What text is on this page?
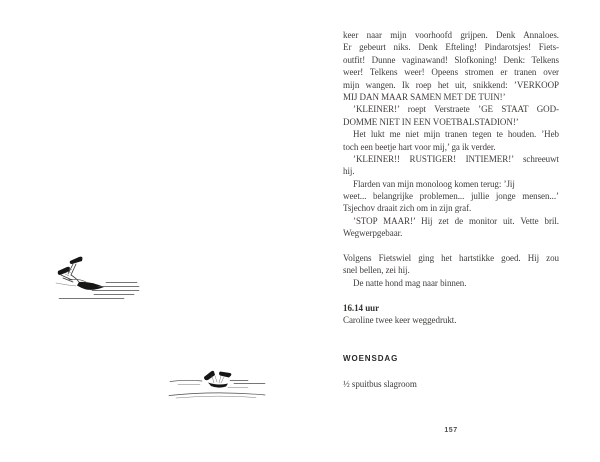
keer naar mijn voorhoofd grijpen. Denk Annaloes.
Er gebeurt niks. Denk Efteling! Pindarotsjes! Fiets-
outfit! Dunne vaginawand! Slofkoning! Denk: Telkens
weer! Telkens weer! Opeens stromen er tranen over
mijn wangen. Ik roep het uit, snikkend: ’VERKOOP
MIJ DAN MAAR SAMEN MET DE TUIN!’
’KLEINER!’ roept Verstraete ’GE STAAT GOD-
DOMME NIET IN EEN VOETBALSTADION!’
Het lukt me niet mijn tranen tegen te houden. ’Heb
toch een beetje hart voor mij,’ ga ik verder.
’KLEINER!! RUSTIGER! INTIEMER!’ schreeuwt
hij.
Flarden van mijn monoloog komen terug: ’Jij
weet... belangrijke problemen... jullie jonge mensen...’
Tsjechov draait zich om in zijn graf.
’STOP MAAR!’ Hij zet de monitor uit. Vette bril.
Wegwerpgebaar.
Volgens Fietswiel ging het hartstikke goed. Hij zou
snel bellen, zei hij.
De natte hond mag naar binnen.
16.14 uur
Caroline twee keer weggedrukt.
WOENSDAG
½ spuitbus slagroom
157
